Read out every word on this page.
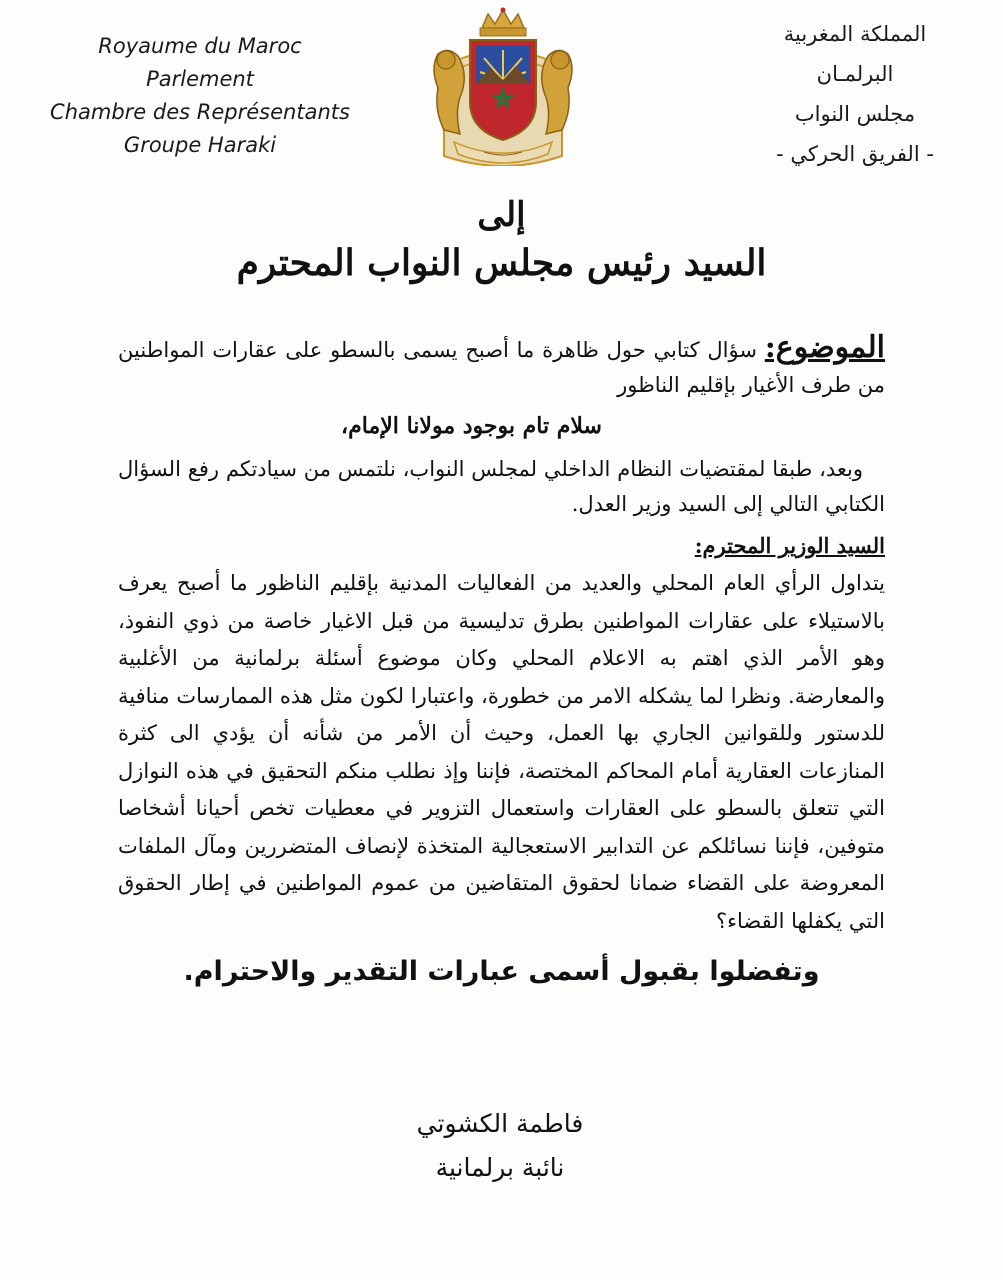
Royaume du Maroc
Parlement
Chambre des Représentants
Groupe Haraki
المملكة المغربية
البرلمـان
مجلس النواب
- الفريق الحركي -
إلى
السيد رئيس مجلس النواب المحترم
الموضوع: سؤال كتابي حول ظاهرة ما أصبح يسمى بالسطو على عقارات المواطنين من طرف الأغيار بإقليم الناظور
سلام تام بوجود مولانا الإمام،

وبعد، طبقا لمقتضيات النظام الداخلي لمجلس النواب، نلتمس من سيادتكم رفع السؤال الكتابي التالي إلى السيد وزير العدل.

السيد الوزير المحترم:

يتداول الرأي العام المحلي والعديد من الفعاليات المدنية بإقليم الناظور ما أصبح يعرف بالاستيلاء على عقارات المواطنين بطرق تدليسية من قبل الاغيار خاصة من ذوي النفوذ، وهو الأمر الذي اهتم به الاعلام المحلي وكان موضوع أسئلة برلمانية من الأغلبية والمعارضة. ونظرا لما يشكله الامر من خطورة، واعتبارا لكون مثل هذه الممارسات منافية للدستور وللقوانين الجاري بها العمل، وحيث أن الأمر من شأنه أن يؤدي الى كثرة المنازعات العقارية أمام المحاكم المختصة، فإننا وإذ نطلب منكم التحقيق في هذه النوازل التي تتعلق بالسطو على العقارات واستعمال التزوير في معطيات تخص أحيانا أشخاصا متوفين، فإننا نسائلكم عن التدابير الاستعجالية المتخذة لإنصاف المتضررين ومآل الملفات المعروضة على القضاء ضمانا لحقوق المتقاضين من عموم المواطنين في إطار الحقوق التي يكفلها القضاء؟

وتفضلوا بقبول أسمى عبارات التقدير والاحترام.
فاطمة الكشوتي
نائبة برلمانية
